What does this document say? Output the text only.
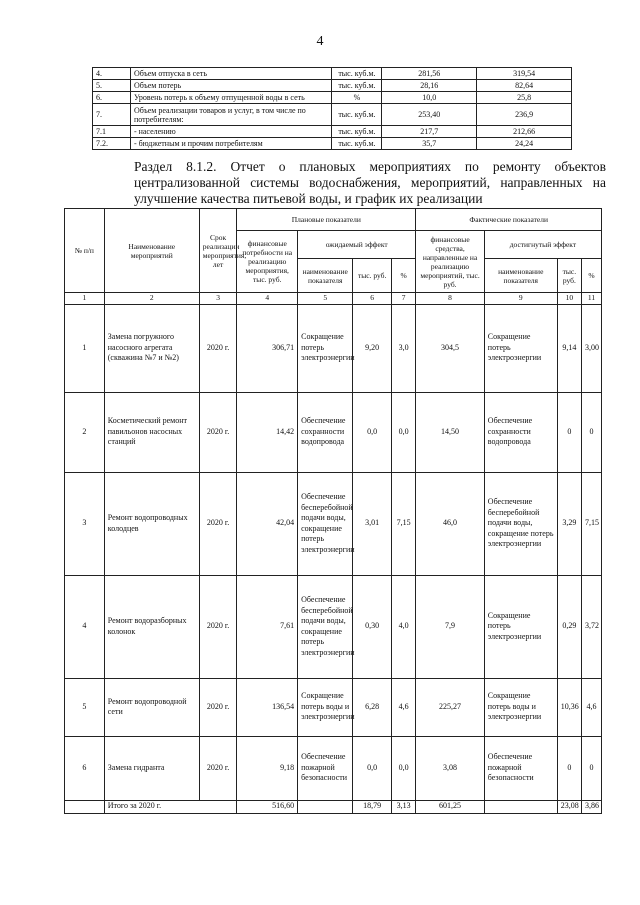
4
4.	Объем отпуска в сеть	тыс. куб.м.	281,56	319,54
5.	Объем потерь	тыс. куб.м.	28,16	82,64
6.	Уровень потерь к объему отпущенной воды в сеть	%	10,0	25,8
7.	Объем реализации товаров и услуг, в том числе по потребителям:	тыс. куб.м.	253,40	236,9
7.1	- населению	тыс. куб.м.	217,7	212,66
7.2.	- бюджетным и прочим потребителям	тыс. куб.м.	35,7	24,24
Раздел 8.1.2. Отчет о плановых мероприятиях по ремонту объектов централизованной системы водоснабжения, мероприятий, направленных на улучшение качества питьевой воды, и график их реализации
№ п/п	Наименование мероприятий	Срок реализации мероприятия, лет	Плановые показатели				Фактические показатели			
			финансовые потребности на реализацию мероприятия, тыс. руб.	ожидаемый эффект			финансовые средства, направленные на реализацию мероприятий, тыс. руб.	достигнутый эффект		
				наименование показателя	тыс. руб.	%		наименование показателя	тыс. руб.	%
1	2	3	4	5	6	7	8	9	10	11
1	Замена погружного насосного агрегата (скважина №7 и №2)	2020 г.	306,71	Сокращение потерь электроэнергии	9,20	3,0	304,5	Сокращение потерь электроэнергии	9,14	3,00
2	Косметический ремонт павильонов насосных станций	2020 г.	14,42	Обеспечение сохранности водопровода	0,0	0,0	14,50	Обеспечение сохранности водопровода	0	0
3	Ремонт водопроводных колодцев	2020 г.	42,04	Обеспечение бесперебойной подачи воды, сокращение потерь электроэнергии	3,01	7,15	46,0	Обеспечение бесперебойной подачи воды, сокращение потерь электроэнергии	3,29	7,15
4	Ремонт водоразборных колонок	2020 г.	7,61	Обеспечение бесперебойной подачи воды, сокращение потерь электроэнергии	0,30	4,0	7,9	Сокращение потерь электроэнергии	0,29	3,72
5	Ремонт водопроводной сети	2020 г.	136,54	Сокращение потерь воды и электроэнергии	6,28	4,6	225,27	Сокращение потерь воды и электроэнергии	10,36	4,6
6	Замена гидранта	2020 г.	9,18	Обеспечение пожарной безопасности	0,0	0,0	3,08	Обеспечение пожарной безопасности	0	0
	Итого за 2020 г.		516,60		18,79	3,13	601,25		23,08	3,86
